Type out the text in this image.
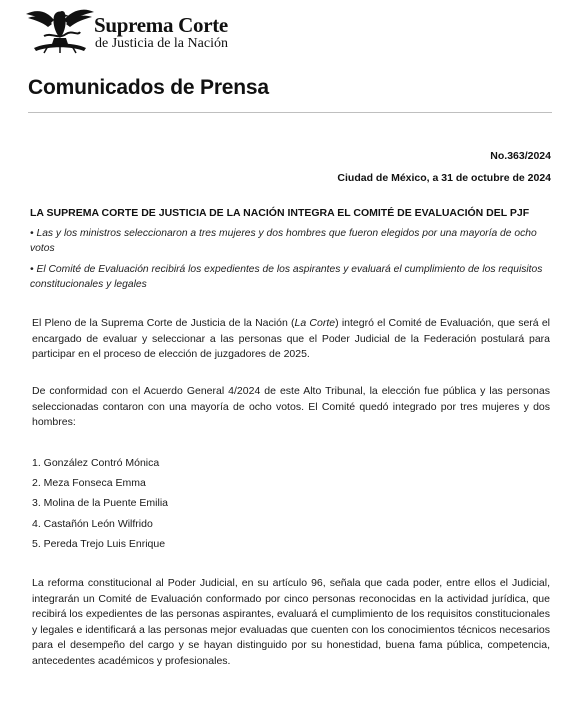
Suprema Corte
de Justicia de la Nación
Comunicados de Prensa
No.363/2024
Ciudad de México, a 31 de octubre de 2024

LA SUPREMA CORTE DE JUSTICIA DE LA NACIÓN INTEGRA EL COMITÉ DE EVALUACIÓN DEL PJF

• Las y los ministros seleccionaron a tres mujeres y dos hombres que fueron elegidos por una mayoría de ocho votos

• El Comité de Evaluación recibirá los expedientes de los aspirantes y evaluará el cumplimiento de los requisitos constitucionales y legales

El Pleno de la Suprema Corte de Justicia de la Nación (La Corte) integró el Comité de Evaluación, que será el encargado de evaluar y seleccionar a las personas que el Poder Judicial de la Federación postulará para participar en el proceso de elección de juzgadores de 2025.

De conformidad con el Acuerdo General 4/2024 de este Alto Tribunal, la elección fue pública y las personas seleccionadas contaron con una mayoría de ocho votos. El Comité quedó integrado por tres mujeres y dos hombres:

1. González Contró Mónica
2. Meza Fonseca Emma
3. Molina de la Puente Emilia
4. Castañón León Wilfrido
5. Pereda Trejo Luis Enrique

La reforma constitucional al Poder Judicial, en su artículo 96, señala que cada poder, entre ellos el Judicial, integrarán un Comité de Evaluación conformado por cinco personas reconocidas en la actividad jurídica, que recibirá los expedientes de las personas aspirantes, evaluará el cumplimiento de los requisitos constitucionales y legales e identificará a las personas mejor evaluadas que cuenten con los conocimientos técnicos necesarios para el desempeño del cargo y se hayan distinguido por su honestidad, buena fama pública, competencia, antecedentes académicos y profesionales.
